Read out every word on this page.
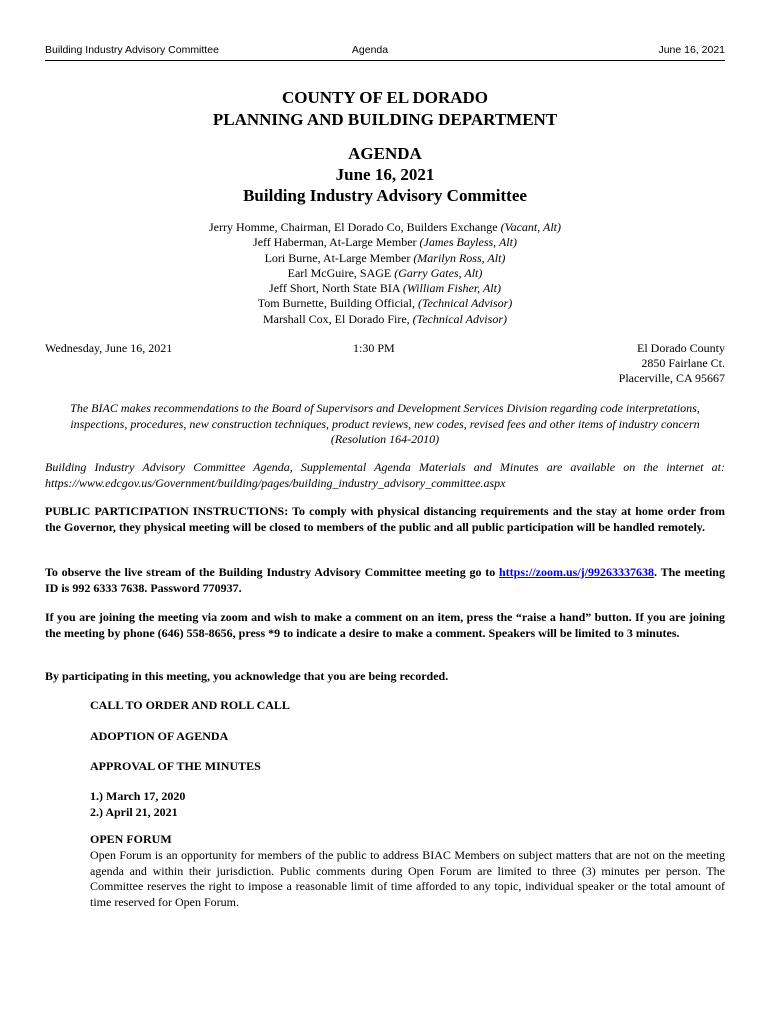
Building Industry Advisory Committee	Agenda	June 16, 2021
COUNTY OF EL DORADO
PLANNING AND BUILDING DEPARTMENT
AGENDA
June 16, 2021
Building Industry Advisory Committee
Jerry Homme, Chairman, El Dorado Co, Builders Exchange (Vacant, Alt)
Jeff Haberman, At-Large Member (James Bayless, Alt)
Lori Burne, At-Large Member (Marilyn Ross, Alt)
Earl McGuire, SAGE (Garry Gates, Alt)
Jeff Short, North State BIA (William Fisher, Alt)
Tom Burnette, Building Official, (Technical Advisor)
Marshall Cox, El Dorado Fire, (Technical Advisor)
Wednesday, June 16, 2021	1:30 PM	El Dorado County
2850 Fairlane Ct.
Placerville, CA 95667
The BIAC makes recommendations to the Board of Supervisors and Development Services Division regarding code interpretations, inspections, procedures, new construction techniques, product reviews, new codes, revised fees and other items of industry concern (Resolution 164-2010)
Building Industry Advisory Committee Agenda, Supplemental Agenda Materials and Minutes are available on the internet at: https://www.edcgov.us/Government/building/pages/building_industry_advisory_committee.aspx
PUBLIC PARTICIPATION INSTRUCTIONS: To comply with physical distancing requirements and the stay at home order from the Governor, they physical meeting will be closed to members of the public and all public participation will be handled remotely.
To observe the live stream of the Building Industry Advisory Committee meeting go to https://zoom.us/j/99263337638. The meeting ID is 992 6333 7638. Password 770937.
If you are joining the meeting via zoom and wish to make a comment on an item, press the “raise a hand” button. If you are joining the meeting by phone (646) 558-8656, press *9 to indicate a desire to make a comment. Speakers will be limited to 3 minutes.
By participating in this meeting, you acknowledge that you are being recorded.
CALL TO ORDER AND ROLL CALL
ADOPTION OF AGENDA
APPROVAL OF THE MINUTES
1.) March 17, 2020
2.) April 21, 2021
OPEN FORUM
Open Forum is an opportunity for members of the public to address BIAC Members on subject matters that are not on the meeting agenda and within their jurisdiction. Public comments during Open Forum are limited to three (3) minutes per person. The Committee reserves the right to impose a reasonable limit of time afforded to any topic, individual speaker or the total amount of time reserved for Open Forum.
